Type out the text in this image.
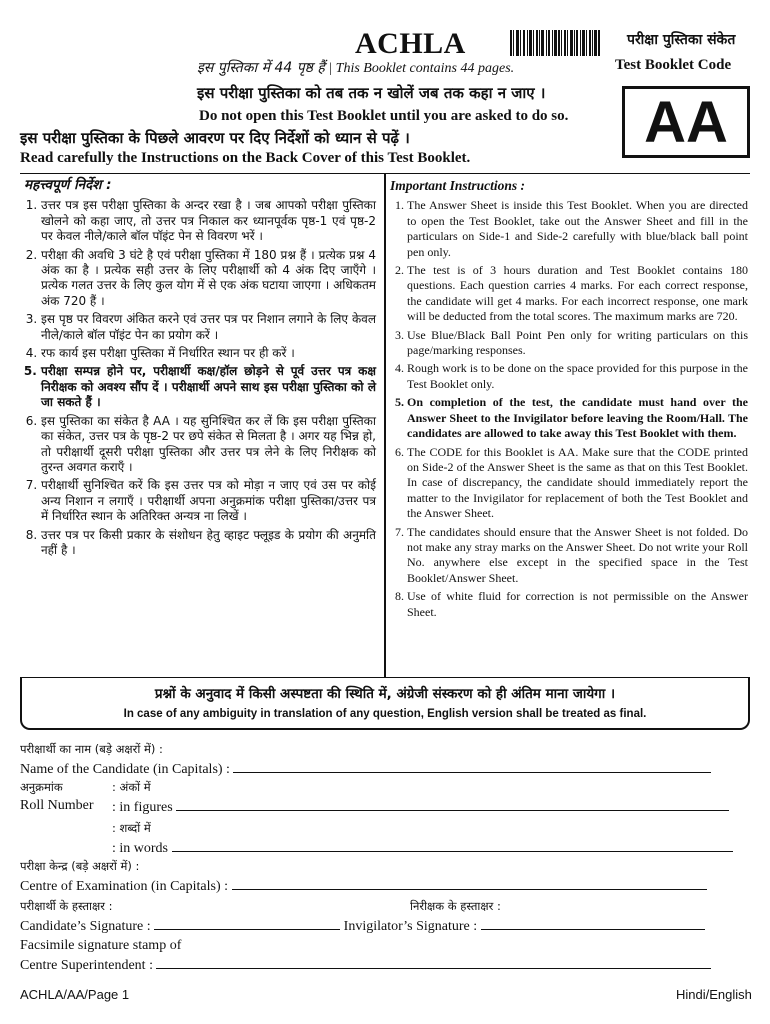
ACHLA	परीक्षा पुस्तिका संकेत
Test Booklet Code
इस पुस्तिका में 44 पृष्ठ हैं | This Booklet contains 44 pages.
इस परीक्षा पुस्तिका को तब तक न खोलें जब तक कहा न जाए ।
Do not open this Test Booklet until you are asked to do so.
इस परीक्षा पुस्तिका के पिछले आवरण पर दिए निर्देशों को ध्यान से पढ़ें ।
Read carefully the Instructions on the Back Cover of this Test Booklet.
AA
महत्त्वपूर्ण निर्देश :
1. उत्तर पत्र इस परीक्षा पुस्तिका के अन्दर रखा है । जब आपको परीक्षा पुस्तिका खोलने को कहा जाए, तो उत्तर पत्र निकाल कर ध्यानपूर्वक पृष्ठ-1 एवं पृष्ठ-2 पर केवल नीले/काले बॉल पॉइंट पेन से विवरण भरें ।
2. परीक्षा की अवधि 3 घंटे है एवं परीक्षा पुस्तिका में 180 प्रश्न हैं । प्रत्येक प्रश्न 4 अंक का है । प्रत्येक सही उत्तर के लिए परीक्षार्थी को 4 अंक दिए जाएँगे । प्रत्येक गलत उत्तर के लिए कुल योग में से एक अंक घटाया जाएगा । अधिकतम अंक 720 हैं ।
3. इस पृष्ठ पर विवरण अंकित करने एवं उत्तर पत्र पर निशान लगाने के लिए केवल नीले/काले बॉल पॉइंट पेन का प्रयोग करें ।
4. रफ कार्य इस परीक्षा पुस्तिका में निर्धारित स्थान पर ही करें ।
5. परीक्षा सम्पन्न होने पर, परीक्षार्थी कक्ष/हॉल छोड़ने से पूर्व उत्तर पत्र कक्ष निरीक्षक को अवश्य सौंप दें । परीक्षार्थी अपने साथ इस परीक्षा पुस्तिका को ले जा सकते हैं ।
6. इस पुस्तिका का संकेत है AA । यह सुनिश्चित कर लें कि इस परीक्षा पुस्तिका का संकेत, उत्तर पत्र के पृष्ठ-2 पर छपे संकेत से मिलता है । अगर यह भिन्न हो, तो परीक्षार्थी दूसरी परीक्षा पुस्तिका और उत्तर पत्र लेने के लिए निरीक्षक को तुरन्त अवगत कराएँ ।
7. परीक्षार्थी सुनिश्चित करें कि इस उत्तर पत्र को मोड़ा न जाए एवं उस पर कोई अन्य निशान न लगाएँ । परीक्षार्थी अपना अनुक्रमांक परीक्षा पुस्तिका/उत्तर पत्र में निर्धारित स्थान के अतिरिक्त अन्यत्र ना लिखें ।
8. उत्तर पत्र पर किसी प्रकार के संशोधन हेतु व्हाइट फ्लूइड के प्रयोग की अनुमति नहीं है ।
Important Instructions :
1. The Answer Sheet is inside this Test Booklet. When you are directed to open the Test Booklet, take out the Answer Sheet and fill in the particulars on Side-1 and Side-2 carefully with blue/black ball point pen only.
2. The test is of 3 hours duration and Test Booklet contains 180 questions. Each question carries 4 marks. For each correct response, the candidate will get 4 marks. For each incorrect response, one mark will be deducted from the total scores. The maximum marks are 720.
3. Use Blue/Black Ball Point Pen only for writing particulars on this page/marking responses.
4. Rough work is to be done on the space provided for this purpose in the Test Booklet only.
5. On completion of the test, the candidate must hand over the Answer Sheet to the Invigilator before leaving the Room/Hall. The candidates are allowed to take away this Test Booklet with them.
6. The CODE for this Booklet is AA. Make sure that the CODE printed on Side-2 of the Answer Sheet is the same as that on this Test Booklet. In case of discrepancy, the candidate should immediately report the matter to the Invigilator for replacement of both the Test Booklet and the Answer Sheet.
7. The candidates should ensure that the Answer Sheet is not folded. Do not make any stray marks on the Answer Sheet. Do not write your Roll No. anywhere else except in the specified space in the Test Booklet/Answer Sheet.
8. Use of white fluid for correction is not permissible on the Answer Sheet.
प्रश्नों के अनुवाद में किसी अस्पष्टता की स्थिति में, अंग्रेजी संस्करण को ही अंतिम माना जायेगा ।
In case of any ambiguity in translation of any question, English version shall be treated as final.
परीक्षार्थी का नाम (बड़े अक्षरों में) :
Name of the Candidate (in Capitals) :
अनुक्रमांक	: अंकों में
Roll Number : in figures
: शब्दों में
: in words
परीक्षा केन्द्र (बड़े अक्षरों में) :
Centre of Examination (in Capitals) :
परीक्षार्थी के हस्ताक्षर :	निरीक्षक के हस्ताक्षर :
Candidate’s Signature :	Invigilator’s Signature :
Facsimile signature stamp of
Centre Superintendent :
ACHLA/AA/Page 1	Hindi/English
